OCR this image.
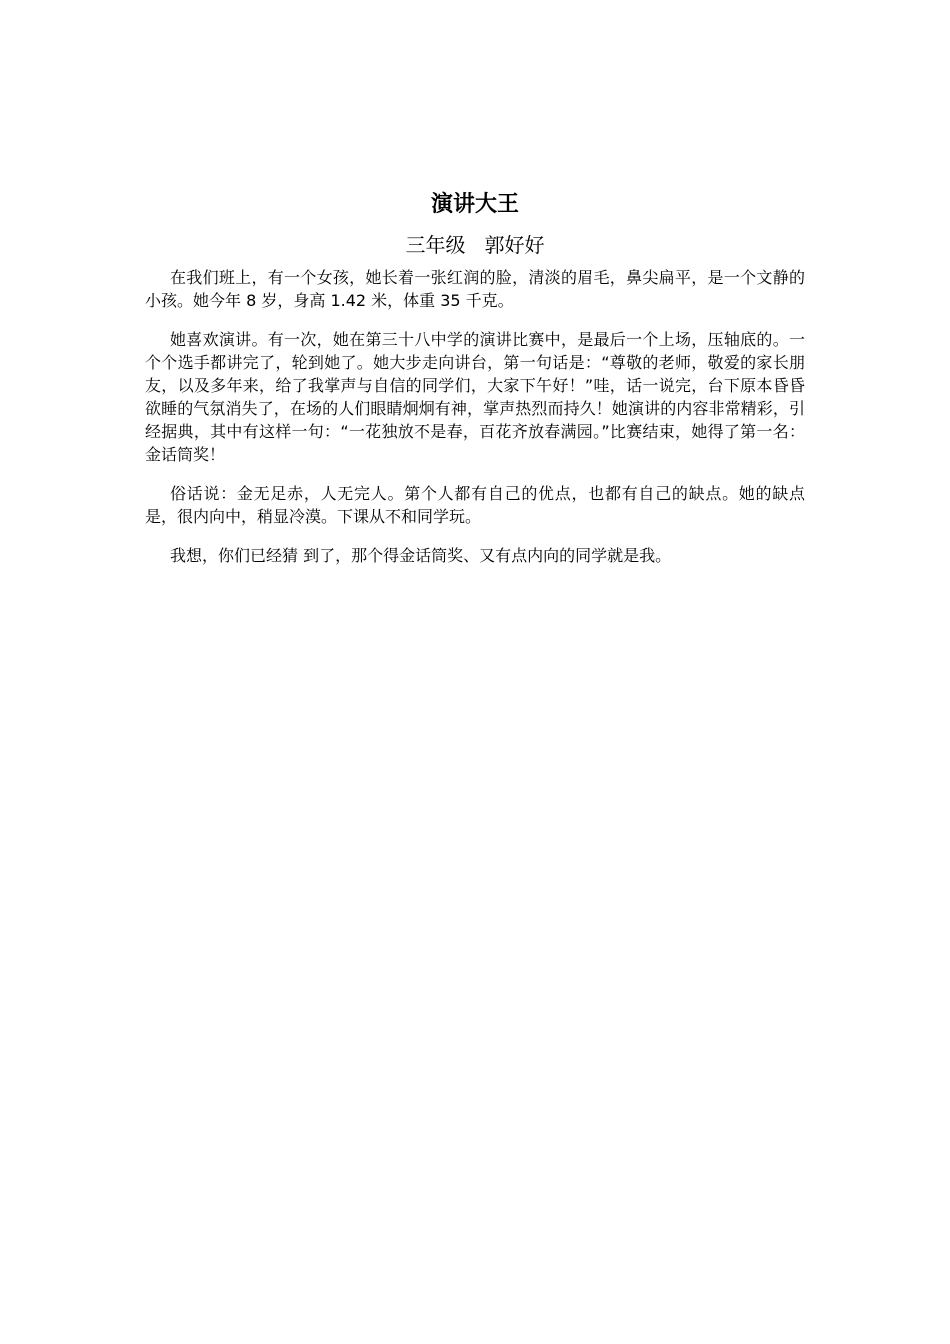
演讲大王
三年级   郭好好

在我们班上，有一个女孩，她长着一张红润的脸，清淡的眉毛，鼻尖扁平，是一个文静的小孩。她今年 8 岁，身高 1.42 米，体重 35 千克。

她喜欢演讲。有一次，她在第三十八中学的演讲比赛中，是最后一个上场，压轴底的。一个个选手都讲完了，轮到她了。她大步走向讲台，第一句话是：“尊敬的老师，敬爱的家长朋友，以及多年来，给了我掌声与自信的同学们，大家下午好！”哇，话一说完，台下原本昏昏欲睡的气氛消失了，在场的人们眼睛炯炯有神，掌声热烈而持久！她演讲的内容非常精彩，引经据典，其中有这样一句：“一花独放不是春，百花齐放春满园。”比赛结束，她得了第一名：金话筒奖！

俗话说：金无足赤，人无完人。第个人都有自己的优点，也都有自己的缺点。她的缺点是，很内向中，稍显冷漠。下课从不和同学玩。

我想，你们已经猜 到了，那个得金话筒奖、又有点内向的同学就是我。
